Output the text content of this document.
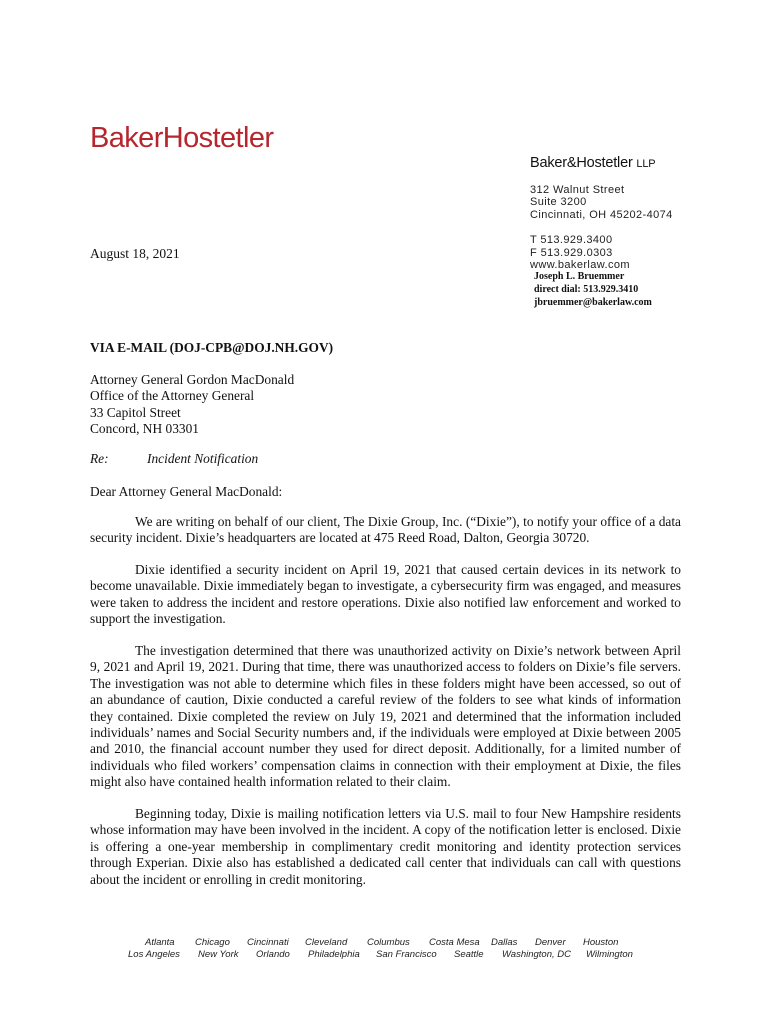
BakerHostetler
Baker&Hostetler LLP
312 Walnut Street
Suite 3200
Cincinnati, OH 45202-4074
T 513.929.3400
F 513.929.0303
www.bakerlaw.com
Joseph L. Bruemmer
direct dial: 513.929.3410
jbruemmer@bakerlaw.com
August 18, 2021
VIA E-MAIL (DOJ-CPB@DOJ.NH.GOV)
Attorney General Gordon MacDonald
Office of the Attorney General
33 Capitol Street
Concord, NH 03301
Re:	Incident Notification
Dear Attorney General MacDonald:

We are writing on behalf of our client, The Dixie Group, Inc. (“Dixie”), to notify your office of a data security incident. Dixie’s headquarters are located at 475 Reed Road, Dalton, Georgia 30720.

Dixie identified a security incident on April 19, 2021 that caused certain devices in its network to become unavailable. Dixie immediately began to investigate, a cybersecurity firm was engaged, and measures were taken to address the incident and restore operations. Dixie also notified law enforcement and worked to support the investigation.

The investigation determined that there was unauthorized activity on Dixie’s network between April 9, 2021 and April 19, 2021. During that time, there was unauthorized access to folders on Dixie’s file servers. The investigation was not able to determine which files in these folders might have been accessed, so out of an abundance of caution, Dixie conducted a careful review of the folders to see what kinds of information they contained. Dixie completed the review on July 19, 2021 and determined that the information included individuals’ names and Social Security numbers and, if the individuals were employed at Dixie between 2005 and 2010, the financial account number they used for direct deposit. Additionally, for a limited number of individuals who filed workers’ compensation claims in connection with their employment at Dixie, the files might also have contained health information related to their claim.

Beginning today, Dixie is mailing notification letters via U.S. mail to four New Hampshire residents whose information may have been involved in the incident. A copy of the notification letter is enclosed. Dixie is offering a one-year membership in complimentary credit monitoring and identity protection services through Experian. Dixie also has established a dedicated call center that individuals can call with questions about the incident or enrolling in credit monitoring.

Atlanta	Chicago	Cincinnati	Cleveland	Columbus	Costa Mesa	Dallas	Denver	Houston
Los Angeles	New York	Orlando	Philadelphia	San Francisco	Seattle	Washington, DC	Wilmington
